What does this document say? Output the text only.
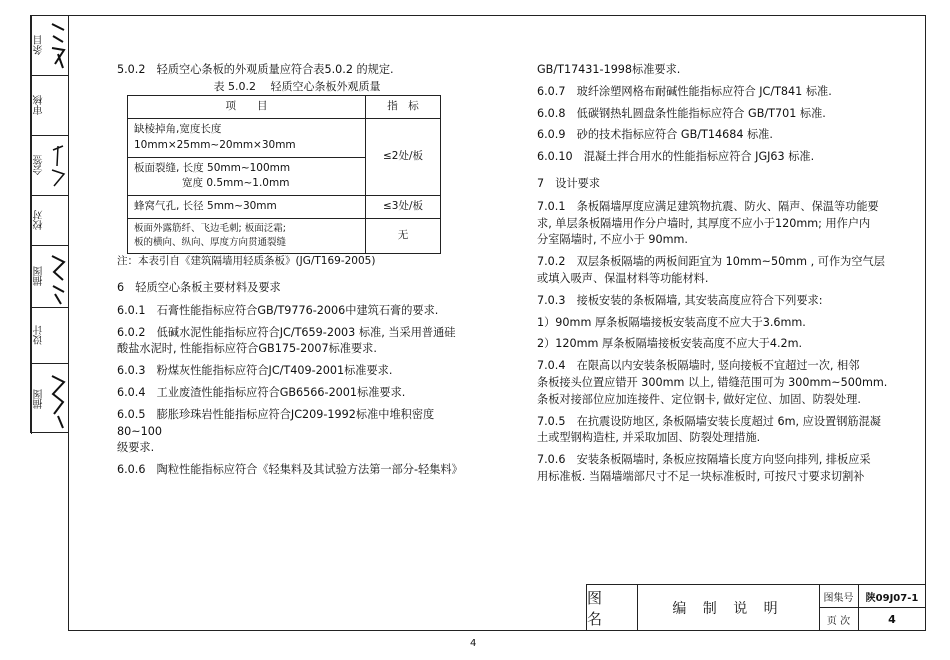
条目
审核
会签
校对
描图
设计
描图

5.0.2　轻质空心条板的外观质量应符合表5.0.2 的规定.

表 5.0.2　 轻质空心条板外观质量

项　　目	指　标
缺棱掉角,宽度长度
10mm×25mm~20mm×30mm	≤2处/板
板面裂缝, 长度 50mm~100mm
宽度 0.5mm~1.0mm	
蜂窝气孔, 长径 5mm~30mm	≤3处/板
板面外露筋纤、飞边毛刺; 板面泛霜;
板的横向、纵向、厚度方向贯通裂缝	无

注：本表引自《建筑隔墙用轻质条板》(JG/T169-2005)

6　轻质空心条板主要材料及要求

6.0.1　石膏性能指标应符合GB/T9776-2006中建筑石膏的要求.

6.0.2　低碱水泥性能指标应符合JC/T659-2003 标准, 当采用普通硅

酸盐水泥时, 性能指标应符合GB175-2007标准要求.

6.0.3　粉煤灰性能指标应符合JC/T409-2001标准要求.

6.0.4　工业废渣性能指标应符合GB6566-2001标准要求.

6.0.5　膨胀珍珠岩性能指标应符合JC209-1992标准中堆积密度 80~100

级要求.

6.0.6　陶粒性能指标应符合《轻集料及其试验方法第一部分-轻集料》

GB/T17431-1998标准要求.

6.0.7　玻纤涂塑网格布耐碱性能指标应符合 JC/T841 标准.

6.0.8　低碳钢热轧圆盘条性能指标应符合 GB/T701 标准.

6.0.9　砂的技术指标应符合 GB/T14684 标准.

6.0.10　混凝土拌合用水的性能指标应符合 JGJ63 标准.

7　设计要求

7.0.1　条板隔墙厚度应满足建筑物抗震、防火、隔声、保温等功能要

求, 单层条板隔墙用作分户墙时, 其厚度不应小于120mm; 用作户内

分室隔墙时, 不应小于 90mm.

7.0.2　双层条板隔墙的两板间距宜为 10mm~50mm , 可作为空气层

或填入吸声、保温材料等功能材料.

7.0.3　接板安装的条板隔墙, 其安装高度应符合下列要求:

1）90mm 厚条板隔墙接板安装高度不应大于3.6mm.

2）120mm 厚条板隔墙接板安装高度不应大于4.2m.

7.0.4　在限高以内安装条板隔墙时, 竖向接板不宜超过一次, 相邻

条板接头位置应错开 300mm 以上, 错缝范围可为 300mm~500mm.

条板对接部位应加连接件、定位钢卡, 做好定位、加固、防裂处理.

7.0.5　在抗震设防地区, 条板隔墙安装长度超过 6m, 应设置钢筋混凝

土或型钢构造柱, 并采取加固、防裂处理措施.

7.0.6　安装条板隔墙时, 条板应按隔墙长度方向竖向排列, 排板应采

用标准板. 当隔墙端部尺寸不足一块标准板时, 可按尺寸要求切割补

图 名
编 制 说 明
图集号	陕09J07-1
页 次	4
4
